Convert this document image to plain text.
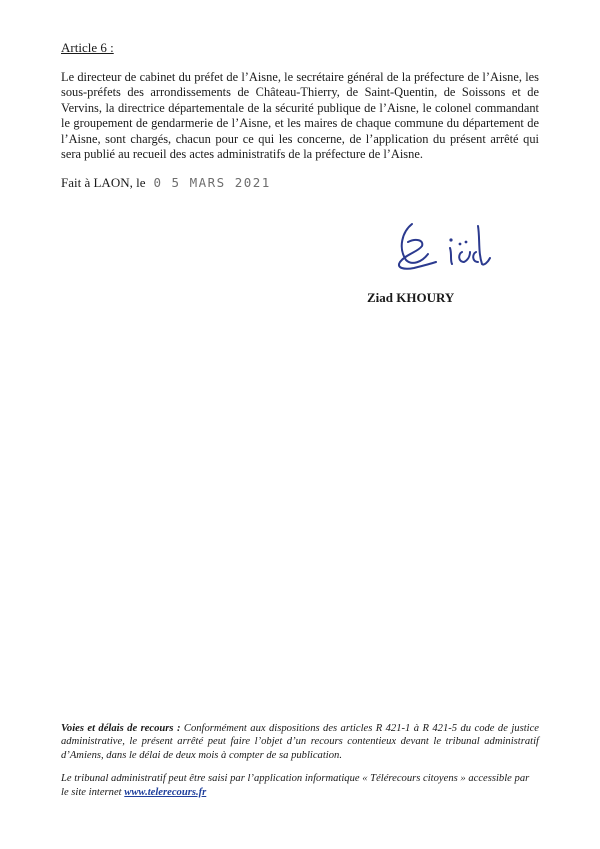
Article 6 :
Le directeur de cabinet du préfet de l’Aisne, le secrétaire général de la préfecture de l’Aisne, les sous-préfets des arrondissements de Château-Thierry, de Saint-Quentin, de Soissons et de Vervins, la directrice départementale de la sécurité publique de l’Aisne, le colonel commandant le groupement de gendarmerie de l’Aisne, et les maires de chaque commune du département de l’Aisne, sont chargés, chacun pour ce qui les concerne, de l’application du présent arrêté qui sera publié au recueil des actes administratifs de la préfecture de l’Aisne.
Fait à LAON, le 0 5 MARS 2021
Ziad KHOURY

Voies et délais de recours : Conformément aux dispositions des articles R 421-1 à R 421-5 du code de justice administrative, le présent arrêté peut faire l’objet d’un recours contentieux devant le tribunal administratif d’Amiens, dans le délai de deux mois à compter de sa publication.

Le tribunal administratif peut être saisi par l’application informatique « Télérecours citoyens » accessible par le site internet www.telerecours.fr
